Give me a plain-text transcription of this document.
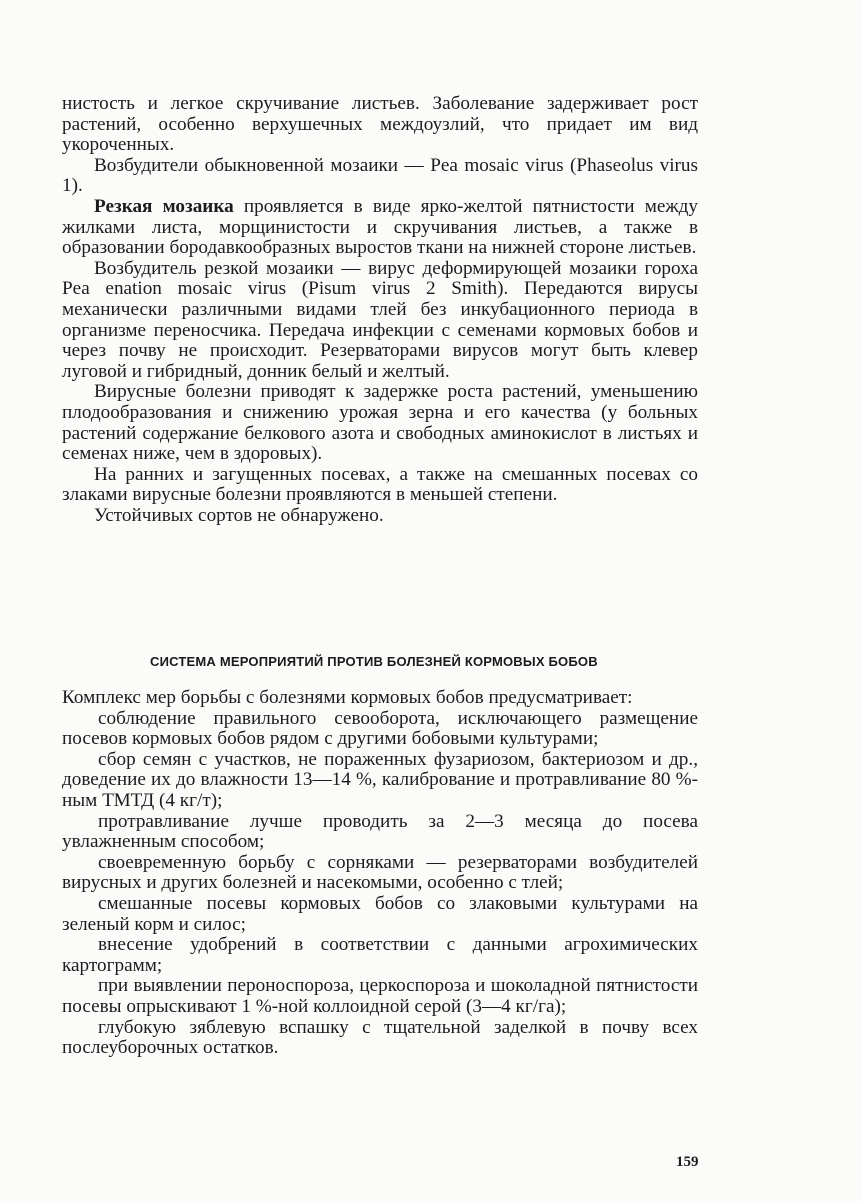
нистость и легкое скручивание листьев. Заболевание задерживает рост растений, особенно верхушечных междоузлий, что придает им вид укороченных.

Возбудители обыкновенной мозаики — Pea mosaic virus (Phaseolus virus 1).

Резкая мозаика проявляется в виде ярко-желтой пятнистости между жилками листа, морщинистости и скручивания листьев, а также в образовании бородавкообразных выростов ткани на нижней стороне листьев.

Возбудитель резкой мозаики — вирус деформирующей мозаики гороха Pea enation mosaic virus (Pisum virus 2 Smith). Передаются вирусы механически различными видами тлей без инкубационного периода в организме переносчика. Передача инфекции с семенами кормовых бобов и через почву не происходит. Резерваторами вирусов могут быть клевер луговой и гибридный, донник белый и желтый.

Вирусные болезни приводят к задержке роста растений, уменьшению плодообразования и снижению урожая зерна и его качества (у больных растений содержание белкового азота и свободных аминокислот в листьях и семенах ниже, чем в здоровых).

На ранних и загущенных посевах, а также на смешанных посевах со злаками вирусные болезни проявляются в меньшей степени.

Устойчивых сортов не обнаружено.

СИСТЕМА МЕРОПРИЯТИЙ ПРОТИВ БОЛЕЗНЕЙ КОРМОВЫХ БОБОВ

Комплекс мер борьбы с болезнями кормовых бобов предусматривает:

соблюдение правильного севооборота, исключающего размещение посевов кормовых бобов рядом с другими бобовыми культурами;

сбор семян с участков, не пораженных фузариозом, бактериозом и др., доведение их до влажности 13—14 %, калибрование и протравливание 80 %-ным ТМТД (4 кг/т);

протравливание лучше проводить за 2—3 месяца до посева увлажненным способом;

своевременную борьбу с сорняками — резерваторами возбудителей вирусных и других болезней и насекомыми, особенно с тлей;

смешанные посевы кормовых бобов со злаковыми культурами на зеленый корм и силос;

внесение удобрений в соответствии с данными агрохимических картограмм;

при выявлении пероноспороза, церкоспороза и шоколадной пятнистости посевы опрыскивают 1 %-ной коллоидной серой (3—4 кг/га);

глубокую зяблевую вспашку с тщательной заделкой в почву всех послеуборочных остатков.

159
